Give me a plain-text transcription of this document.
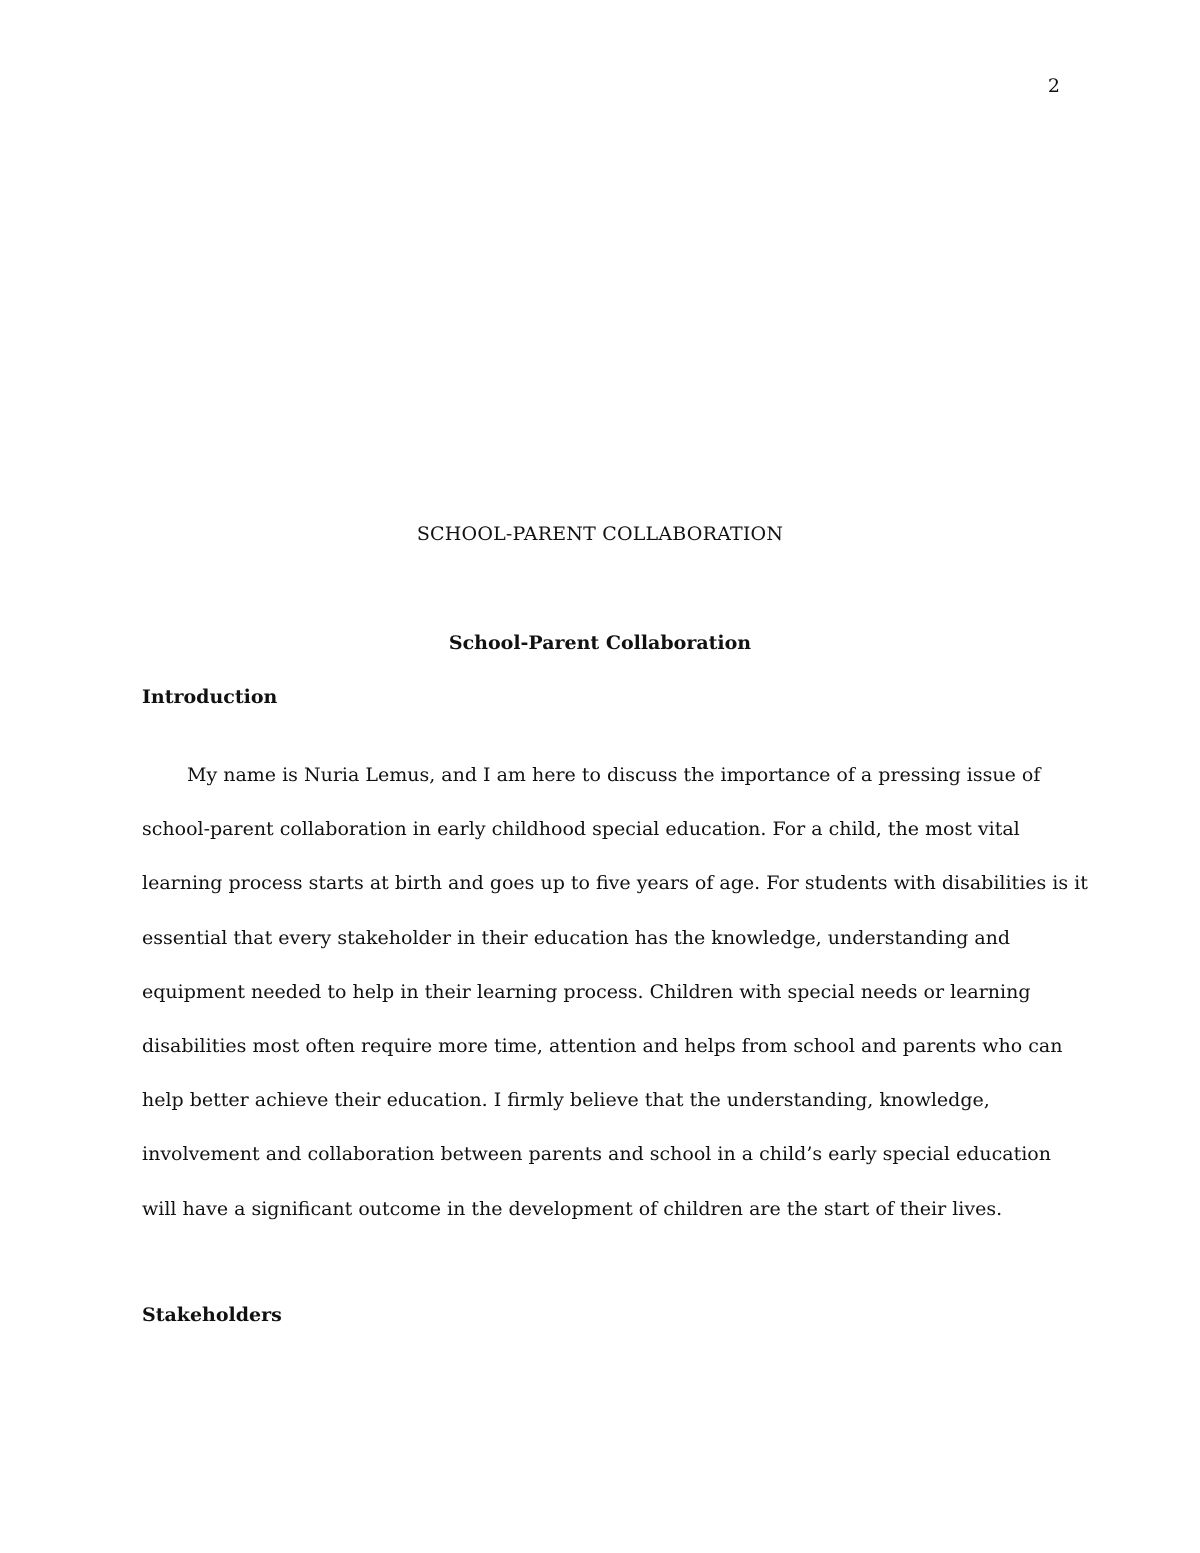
2
SCHOOL-PARENT COLLABORATION
School-Parent Collaboration
Introduction
My name is Nuria Lemus, and I am here to discuss the importance of a pressing issue of
school-parent collaboration in early childhood special education. For a child, the most vital
learning process starts at birth and goes up to five years of age. For students with disabilities is it
essential that every stakeholder in their education has the knowledge, understanding and
equipment needed to help in their learning process. Children with special needs or learning
disabilities most often require more time, attention and helps from school and parents who can
help better achieve their education. I firmly believe that the understanding, knowledge,
involvement and collaboration between parents and school in a child’s early special education
will have a significant outcome in the development of children are the start of their lives.
Stakeholders
